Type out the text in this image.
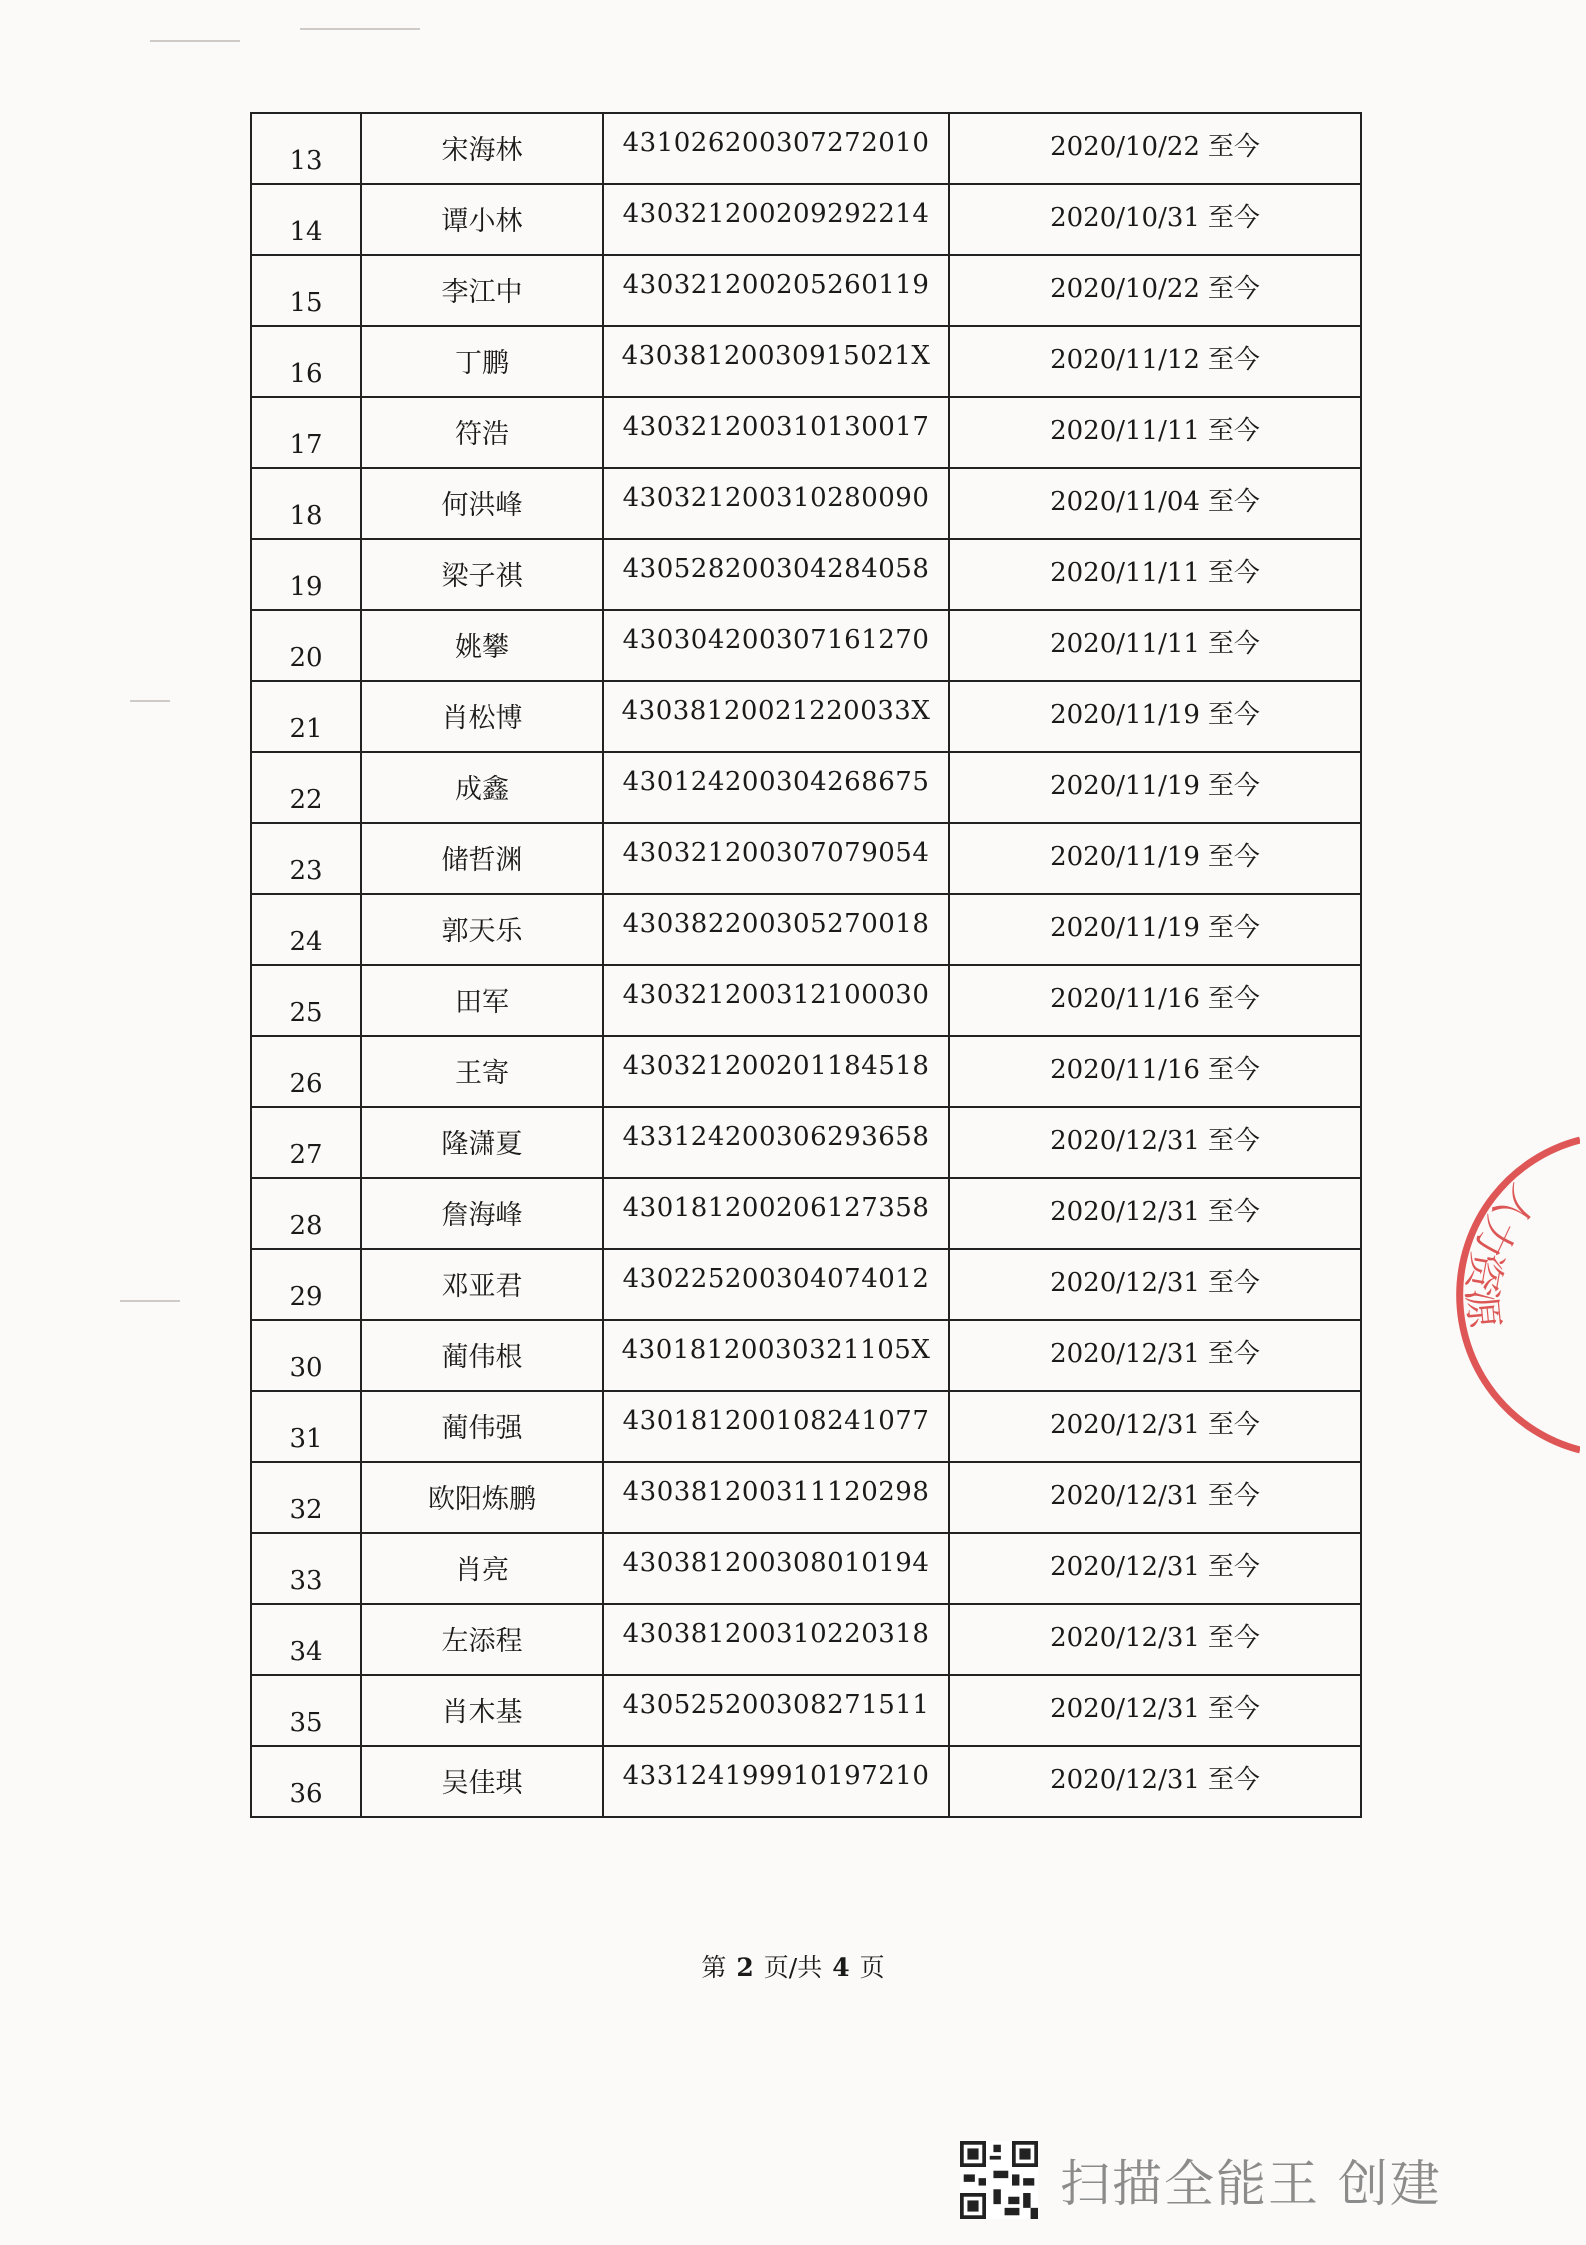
13	宋海林	431026200307272010	2020/10/22 至今

14	谭小林	430321200209292214	2020/10/31 至今

15	李江中	430321200205260119	2020/10/22 至今

16	丁鹏	43038120030915021X	2020/11/12 至今

17	符浩	430321200310130017	2020/11/11 至今

18	何洪峰	430321200310280090	2020/11/04 至今

19	梁子祺	430528200304284058	2020/11/11 至今

20	姚攀	430304200307161270	2020/11/11 至今

21	肖松博	43038120021220033X	2020/11/19 至今

22	成鑫	430124200304268675	2020/11/19 至今

23	储哲渊	430321200307079054	2020/11/19 至今

24	郭天乐	430382200305270018	2020/11/19 至今

25	田军	430321200312100030	2020/11/16 至今

26	王寄	430321200201184518	2020/11/16 至今

27	隆潇夏	433124200306293658	2020/12/31 至今

28	詹海峰	430181200206127358	2020/12/31 至今

29	邓亚君	430225200304074012	2020/12/31 至今

30	蔺伟根	43018120030321105X	2020/12/31 至今

31	蔺伟强	430181200108241077	2020/12/31 至今

32	欧阳炼鹏	430381200311120298	2020/12/31 至今

33	肖亮	430381200308010194	2020/12/31 至今

34	左添程	430381200310220318	2020/12/31 至今

35	肖木基	430525200308271511	2020/12/31 至今

36	吴佳琪	433124199910197210	2020/12/31 至今
第 2 页/共 4 页
人力资源
扫描全能王 创建
